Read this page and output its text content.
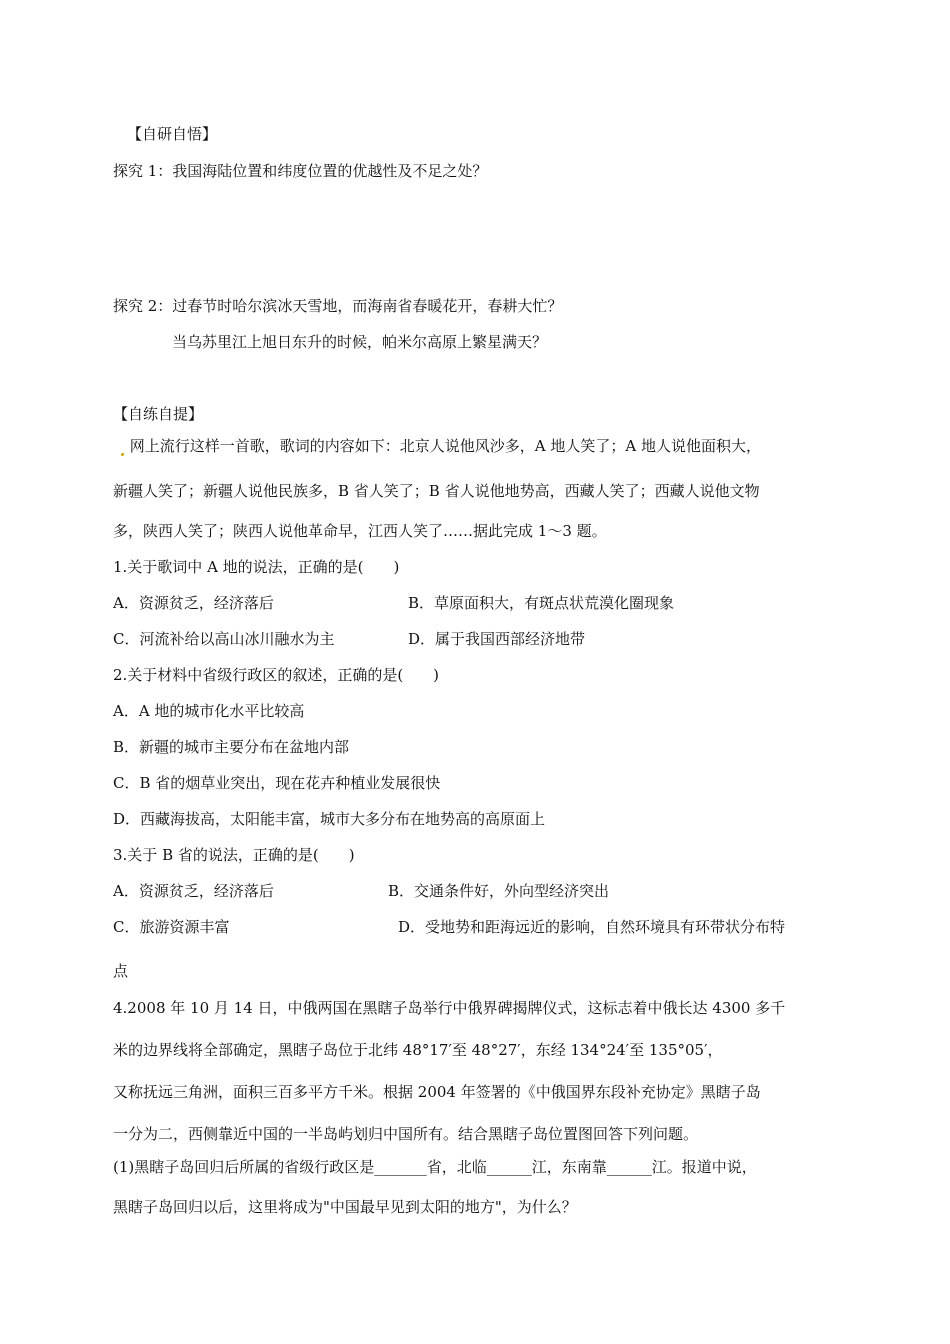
【自研自悟】
探究 1：我国海陆位置和纬度位置的优越性及不足之处？
探究 2：过春节时哈尔滨冰天雪地，而海南省春暖花开，春耕大忙？
当乌苏里江上旭日东升的时候，帕米尔高原上繁星满天？
【自练自提】
网上流行这样一首歌，歌词的内容如下：北京人说他风沙多，A 地人笑了；A 地人说他面积大，
新疆人笑了；新疆人说他民族多，B 省人笑了；B 省人说他地势高，西藏人笑了；西藏人说他文物
多，陕西人笑了；陕西人说他革命早，江西人笑了……据此完成 1～3 题。
1.关于歌词中 A 地的说法，正确的是(　　)
A．资源贫乏，经济落后	B．草原面积大，有斑点状荒漠化圈现象
C．河流补给以高山冰川融水为主	D．属于我国西部经济地带
2.关于材料中省级行政区的叙述，正确的是(　　)
A．A 地的城市化水平比较高
B．新疆的城市主要分布在盆地内部
C．B 省的烟草业突出，现在花卉种植业发展很快
D．西藏海拔高，太阳能丰富，城市大多分布在地势高的高原面上
3.关于 B 省的说法，正确的是(　　)
A．资源贫乏，经济落后	B．交通条件好，外向型经济突出
C．旅游资源丰富	D．受地势和距海远近的影响，自然环境具有环带状分布特
点
4.2008 年 10 月 14 日，中俄两国在黑瞎子岛举行中俄界碑揭牌仪式，这标志着中俄长达 4300 多千
米的边界线将全部确定，黑瞎子岛位于北纬 48°17′至 48°27′，东经 134°24′至 135°05′，
又称抚远三角洲，面积三百多平方千米。根据 2004 年签署的《中俄国界东段补充协定》黑瞎子岛
一分为二，西侧靠近中国的一半岛屿划归中国所有。结合黑瞎子岛位置图回答下列问题。
(1)黑瞎子岛回归后所属的省级行政区是_______省，北临______江，东南靠______江。报道中说，
黑瞎子岛回归以后，这里将成为"中国最早见到太阳的地方"，为什么？
